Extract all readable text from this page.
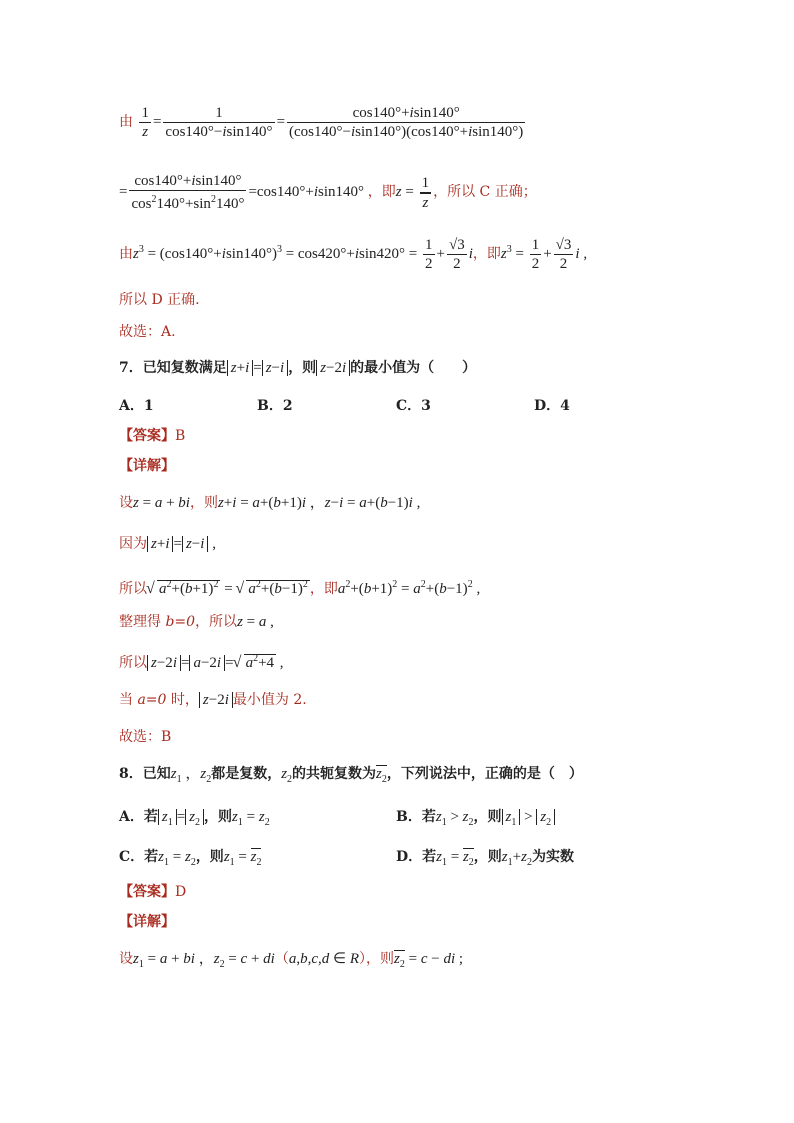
由 $\frac{1}{z} = \frac{1}{\cos 140^\circ-isin140^\circ} = \frac{\cos 140^\circ+isin140^\circ}{(\cos 140^\circ-isin140^\circ)(\cos 140^\circ+isin140^\circ)}$
= $\frac{\cos 140^\circ+isin140^\circ}{\cos^2140^\circ+\sin^2140^\circ} =\cos 140^\circ+isin140^\circ$ ，即$z = \frac{1}{z}$ ，所以 C 正确；
由$z^3 = (\cos 140^\circ+isin140^\circ)^3 = \cos 420^\circ+isin420^\circ = \frac{1}{2} + \frac{√3}{2}$ i，即$z^3 = \frac{1}{2} + \frac{√3}{2}$ i ,
所以 D 正确.
故选：A.
7．已知复数满足 z+i = z−i ，则 z−2i 的最小值为（　　）
A．1	B．2	C．3	D．4
【答案】B
【详解】
设z = a + bi，则z+i = a+(b+1)i ，z−i = a+(b−1)i ,
因为 z+i = z−i ,
所以 √ $a^2+(b+1)^2$ = √ $a^2+(b-1)^2$ ，即$a^2+(b+1)^2 = a^2+(b-1)^2$ ,
整理得 b=0，所以z = a ,
所以 z−2i = a−2i = √ $a^2+4$ ,
当 a=0 时， z−2i 最小值为 2.
故选：B
8．已知$z_1$ ，$z_2$都是复数，$z_2$的共轭复数为$z_2$，下列说法中，正确的是（　）
A．若 $z_1 = z_2$ ，则$z_1 = z_2$	B．若$z_1 > z_2$，则 $z_1 > z_2$
C．若$z_1 = z_2$，则$z_1 = z_2$	D．若$z_1 = z_2$，则$z_1+z_2$为实数
【答案】D
【详解】
设$z_1 = a$ + bi ，$z_2 = c + di(a,b,c,d$ ∈ R），则$z_2 = c$ − di ;
